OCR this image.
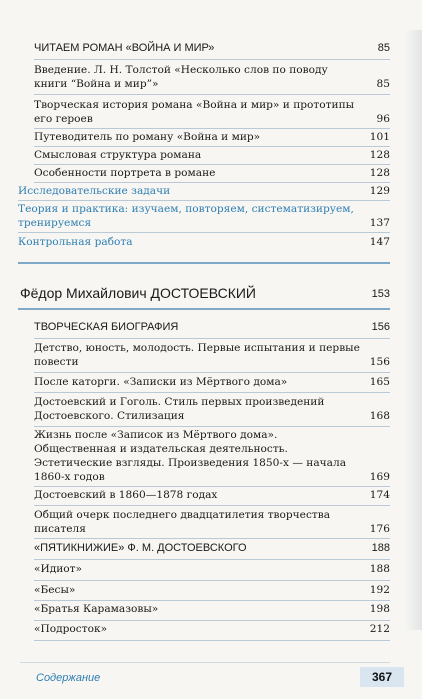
ЧИТАЕМ РОМАН «ВОЙНА И МИР»	85
Введение. Л. Н. Толстой «Несколько слов по поводу книги “Война и мир”»	85
Творческая история романа «Война и мир» и прототипы его героев	96
Путеводитель по роману «Война и мир»	101
Смысловая структура романа	128
Особенности портрета в романе	128
Исследовательские задачи	129
Теория и практика: изучаем, повторяем, систематизируем, тренируемся	137
Контрольная работа	147
Фёдор Михайлович ДОСТОЕВСКИЙ	153
ТВОРЧЕСКАЯ БИОГРАФИЯ	156
Детство, юность, молодость. Первые испытания и первые повести	156
После каторги. «Записки из Мёртвого дома»	165
Достоевский и Гоголь. Стиль первых произведений Достоевского. Стилизация	168
Жизнь после «Записок из Мёртвого дома». Общественная и издательская деятельность. Эстетические взгляды. Произведения 1850-х — начала 1860-х годов	169
Достоевский в 1860—1878 годах	174
Общий очерк последнего двадцатилетия творчества писателя	176
«ПЯТИКНИЖИЕ» Ф. М. ДОСТОЕВСКОГО	188
«Идиот»	188
«Бесы»	192
«Братья Карамазовы»	198
«Подросток»	212
Содержание	367
